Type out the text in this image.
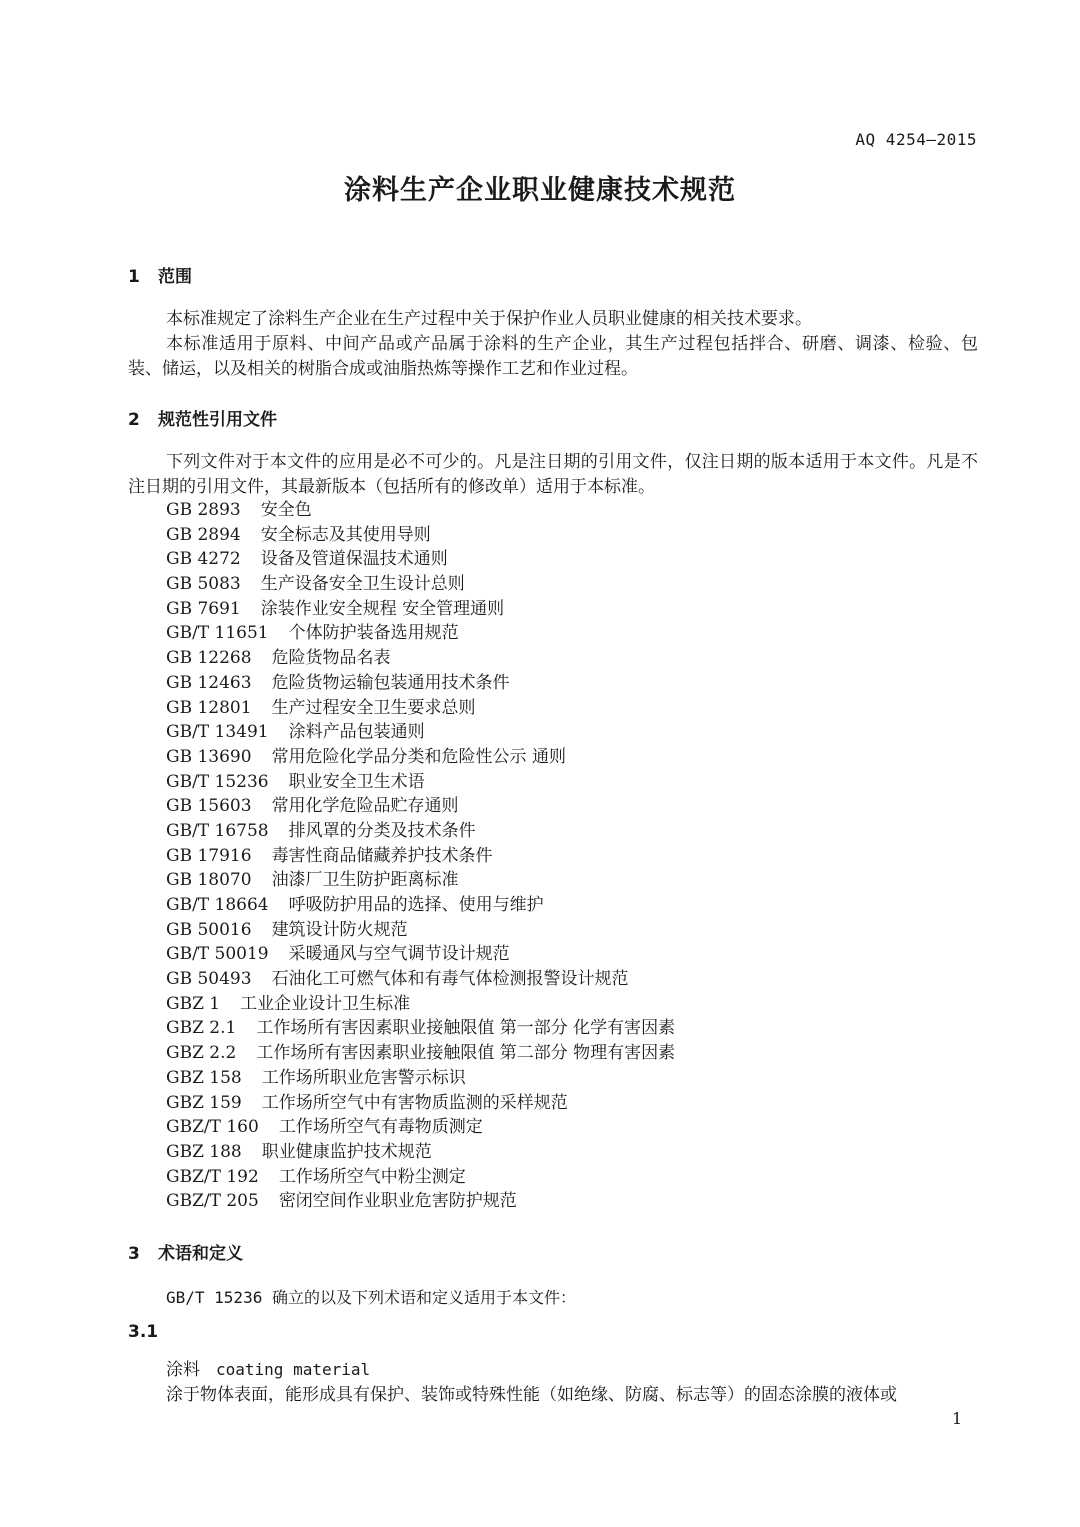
AQ 4254—2015
涂料生产企业职业健康技术规范
1 范围
本标准规定了涂料生产企业在生产过程中关于保护作业人员职业健康的相关技术要求。
本标准适用于原料、中间产品或产品属于涂料的生产企业，其生产过程包括拌合、研磨、调漆、检验、包装、储运，以及相关的树脂合成或油脂热炼等操作工艺和作业过程。
2 规范性引用文件
下列文件对于本文件的应用是必不可少的。凡是注日期的引用文件，仅注日期的版本适用于本文件。凡是不注日期的引用文件，其最新版本（包括所有的修改单）适用于本标准。
GB 2893 安全色
GB 2894 安全标志及其使用导则
GB 4272 设备及管道保温技术通则
GB 5083 生产设备安全卫生设计总则
GB 7691 涂装作业安全规程 安全管理通则
GB/T 11651 个体防护装备选用规范
GB 12268 危险货物品名表
GB 12463 危险货物运输包装通用技术条件
GB 12801 生产过程安全卫生要求总则
GB/T 13491 涂料产品包装通则
GB 13690 常用危险化学品分类和危险性公示 通则
GB/T 15236 职业安全卫生术语
GB 15603 常用化学危险品贮存通则
GB/T 16758 排风罩的分类及技术条件
GB 17916 毒害性商品储藏养护技术条件
GB 18070 油漆厂卫生防护距离标准
GB/T 18664 呼吸防护用品的选择、使用与维护
GB 50016 建筑设计防火规范
GB/T 50019 采暖通风与空气调节设计规范
GB 50493 石油化工可燃气体和有毒气体检测报警设计规范
GBZ 1 工业企业设计卫生标准
GBZ 2.1 工作场所有害因素职业接触限值 第一部分 化学有害因素
GBZ 2.2 工作场所有害因素职业接触限值 第二部分 物理有害因素
GBZ 158 工作场所职业危害警示标识
GBZ 159 工作场所空气中有害物质监测的采样规范
GBZ/T 160 工作场所空气有毒物质测定
GBZ 188 职业健康监护技术规范
GBZ/T 192 工作场所空气中粉尘测定
GBZ/T 205 密闭空间作业职业危害防护规范
3 术语和定义
GB/T 15236 确立的以及下列术语和定义适用于本文件：
3.1
涂料 coating material
涂于物体表面，能形成具有保护、装饰或特殊性能（如绝缘、防腐、标志等）的固态涂膜的液体或
1
